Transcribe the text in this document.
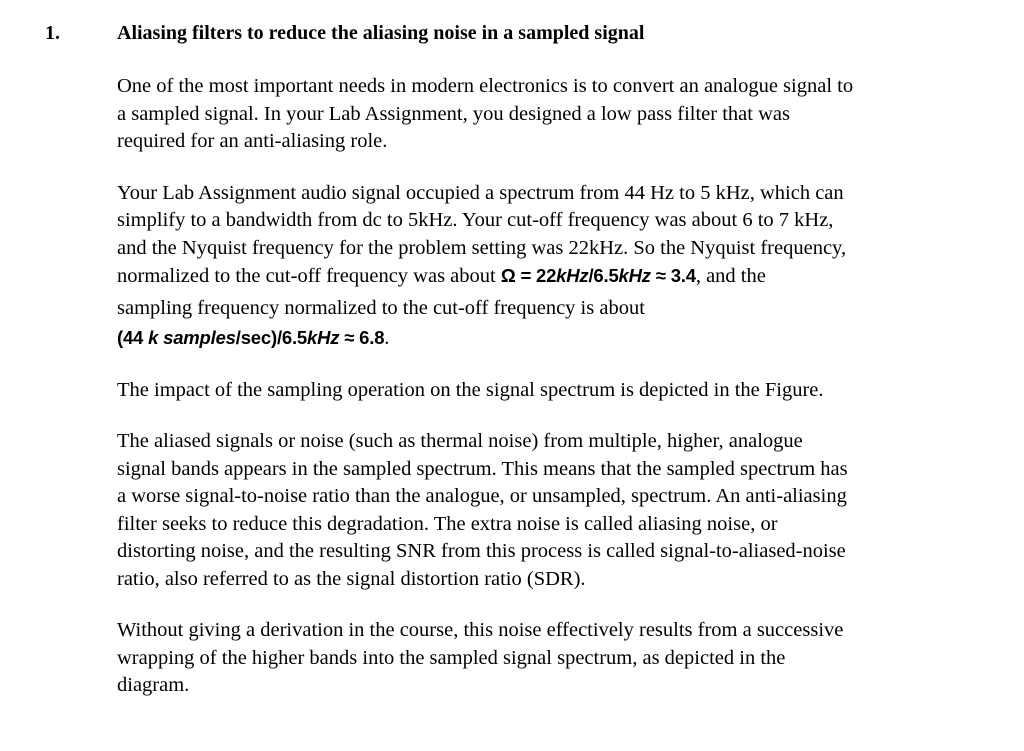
1.	Aliasing filters to reduce the aliasing noise in a sampled signal
One of the most important needs in modern electronics is to convert an analogue signal to
a sampled signal. In your Lab Assignment, you designed a low pass filter that was
required for an anti-aliasing role.
Your Lab Assignment audio signal occupied a spectrum from 44 Hz to 5 kHz, which can
simplify to a bandwidth from dc to 5kHz. Your cut-off frequency was about 6 to 7 kHz,
and the Nyquist frequency for the problem setting was 22kHz. So the Nyquist frequency,
normalized to the cut-off frequency was about Ω = 22kHz/6.5kHz ≈ 3.4, and the
sampling frequency normalized to the cut-off frequency is about
(44 k samples/sec)/6.5kHz ≈ 6.8.
The impact of the sampling operation on the signal spectrum is depicted in the Figure.
The aliased signals or noise (such as thermal noise) from multiple, higher, analogue
signal bands appears in the sampled spectrum. This means that the sampled spectrum has
a worse signal-to-noise ratio than the analogue, or unsampled, spectrum. An anti-aliasing
filter seeks to reduce this degradation. The extra noise is called aliasing noise, or
distorting noise, and the resulting SNR from this process is called signal-to-aliased-noise
ratio, also referred to as the signal distortion ratio (SDR).
Without giving a derivation in the course, this noise effectively results from a successive
wrapping of the higher bands into the sampled signal spectrum, as depicted in the
diagram.
